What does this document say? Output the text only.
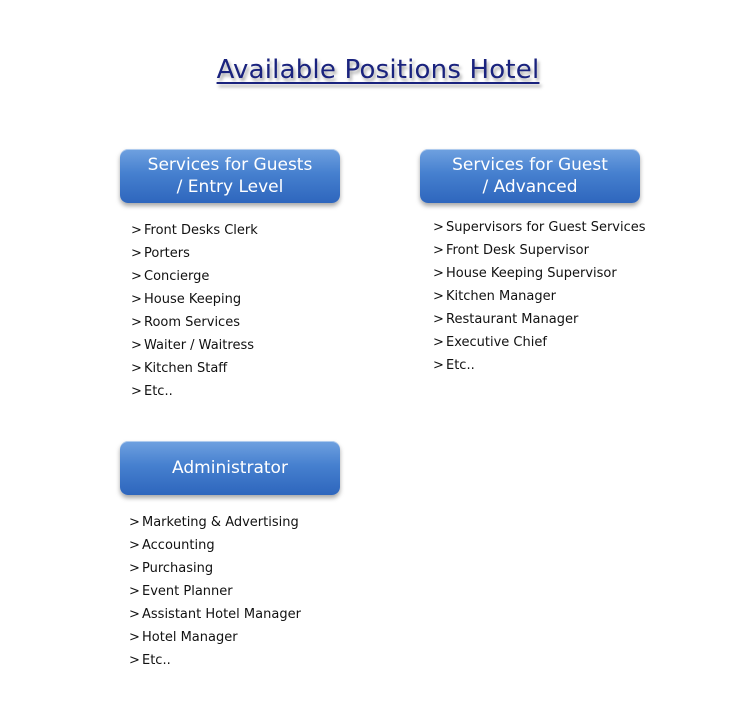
Available Positions Hotel
Services for Guests
/ Entry Level
> Front Desks Clerk
> Porters
> Concierge
> House Keeping
> Room Services
> Waiter / Waitress
> Kitchen Staff
> Etc..
Services for Guest
/ Advanced
> Supervisors for Guest Services
> Front Desk Supervisor
> House Keeping Supervisor
> Kitchen Manager
> Restaurant Manager
> Executive Chief
> Etc..
Administrator
> Marketing & Advertising
> Accounting
> Purchasing
> Event Planner
> Assistant Hotel Manager
> Hotel Manager
> Etc..
